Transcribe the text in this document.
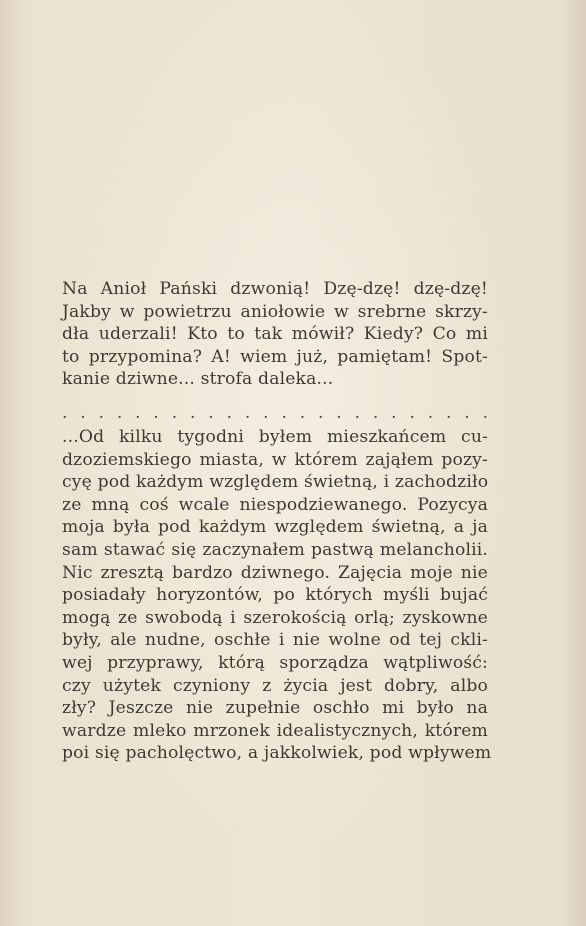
Na Anioł Pański dzwonią! Dzę-dzę! dzę-dzę!
Jakby w powietrzu aniołowie w srebrne skrzy-
dła uderzali! Kto to tak mówił? Kiedy? Co mi
to przypomina? A! wiem już, pamiętam! Spot-
kanie dziwne... strofa daleka...
. . . . . . . . . . . . . . . . . . . . . . . .
...Od kilku tygodni byłem mieszkańcem cu-
dzoziemskiego miasta, w którem zająłem pozy-
cyę pod każdym względem świetną, i zachodziło
ze mną coś wcale niespodziewanego. Pozycya
moja była pod każdym względem świetną, a ja
sam stawać się zaczynałem pastwą melancholii.
Nic zresztą bardzo dziwnego. Zajęcia moje nie
posiadały horyzontów, po których myśli bujać
mogą ze swobodą i szerokością orlą; zyskowne
były, ale nudne, oschłe i nie wolne od tej ckli-
wej przyprawy, którą sporządza wątpliwość:
czy użytek czyniony z życia jest dobry, albo
zły? Jeszcze nie zupełnie oschło mi było na
wardze mleko mrzonek idealistycznych, którem
poi się pacholęctwo, a jakkolwiek, pod wpływem
